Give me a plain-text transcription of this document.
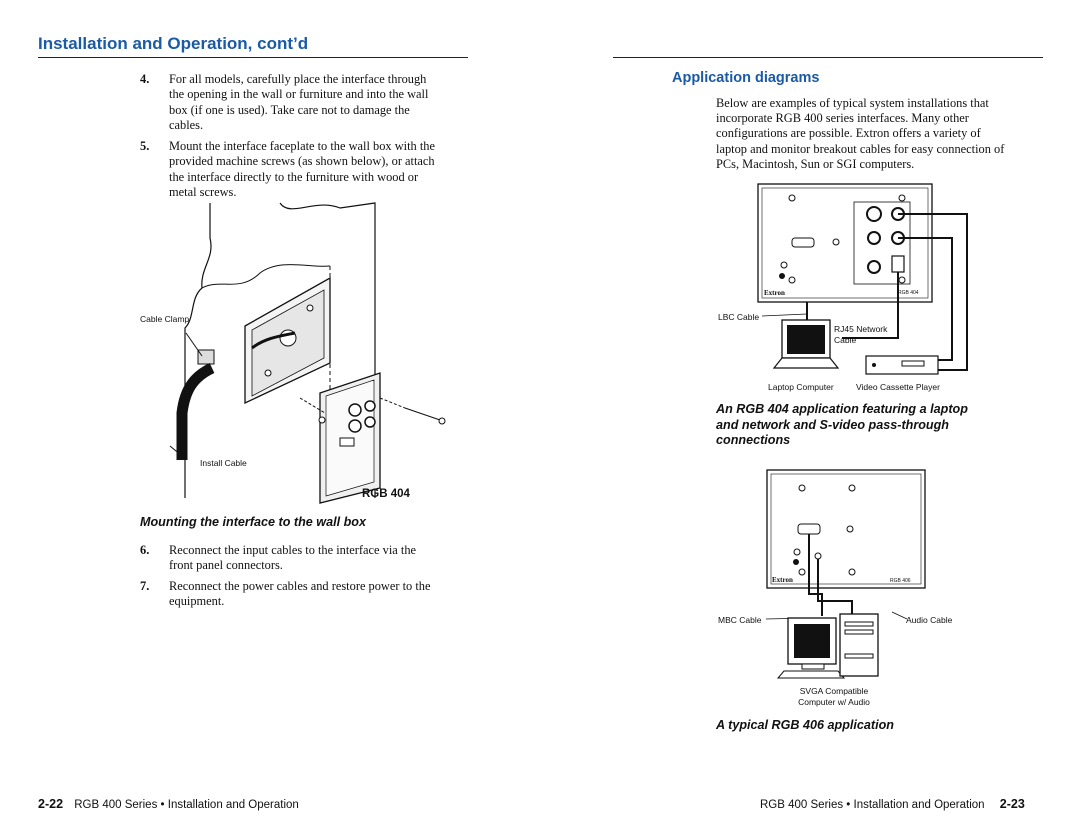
Installation and Operation, cont’d
4. For all models, carefully place the interface through
the opening in the wall or furniture and into the wall
box (if one is used). Take care not to damage the
cables.
5. Mount the interface faceplate to the wall box with the
provided machine screws (as shown below), or attach
the interface directly to the furniture with wood or
metal screws.
Cable Clamp
Install Cable
RGB 404
Mounting the interface to the wall box
6. Reconnect the input cables to the interface via the
front panel connectors.
7. Reconnect the power cables and restore power to the
equipment.
Application diagrams
Below are examples of typical system installations that
incorporate RGB 400 series interfaces. Many other
configurations are possible. Extron offers a variety of
laptop and monitor breakout cables for easy connection of
PCs, Macintosh, Sun or SGI computers.
Extron	RGB 404
LBC Cable
RJ45 Network
Cable
Laptop Computer	Video Cassette Player
An RGB 404 application featuring a laptop
and network and S-video pass-through
connections
Extron	RGB 406
MBC Cable	Audio Cable
SVGA Compatible
Computer w/ Audio
A typical RGB 406 application
2-22 RGB 400 Series • Installation and Operation	RGB 400 Series • Installation and Operation 2-23
